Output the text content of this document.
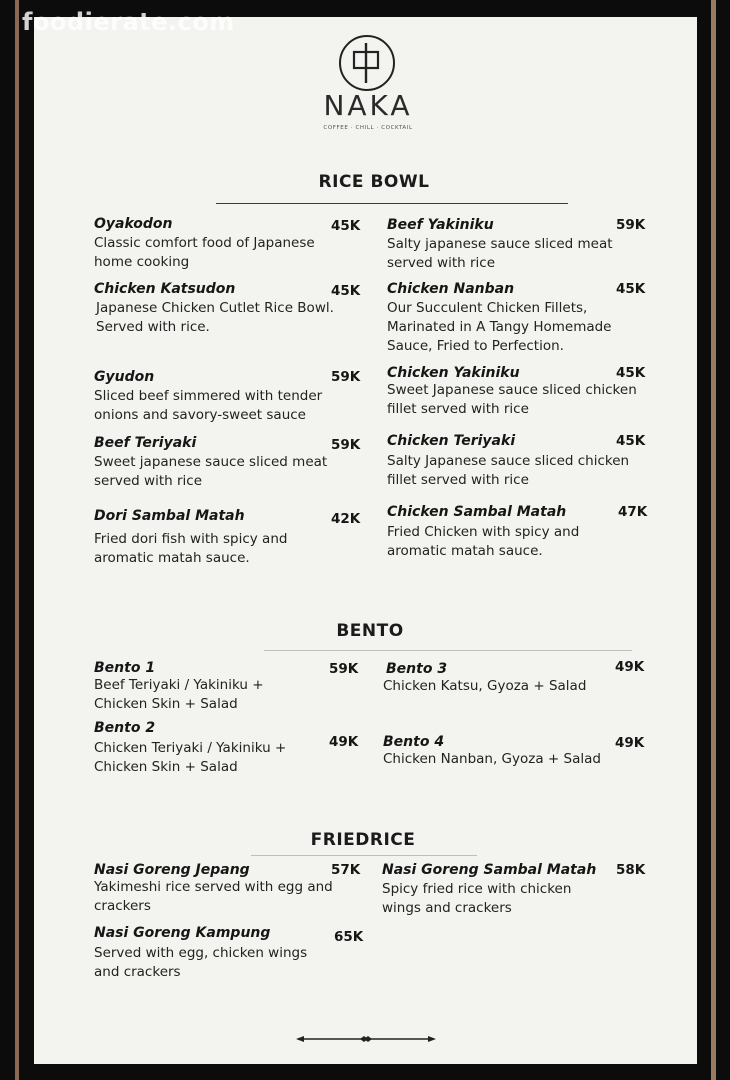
foodierate.com
NAKA
COFFEE · CHILL · COCKTAIL
RICE BOWL
Oyakodon	45K
Classic comfort food of Japanese
home cooking
Chicken Katsudon	45K
Japanese Chicken Cutlet Rice Bowl.
Served with rice.
Gyudon	59K
Sliced beef simmered with tender
onions and savory-sweet sauce
Beef Teriyaki	59K
Sweet japanese sauce sliced meat
served with rice
Dori Sambal Matah	42K
Fried dori fish with spicy and
aromatic matah sauce.
Beef Yakiniku	59K
Salty japanese sauce sliced meat
served with rice
Chicken Nanban	45K
Our Succulent Chicken Fillets,
Marinated in A Tangy Homemade
Sauce, Fried to Perfection.
Chicken Yakiniku	45K
Sweet Japanese sauce sliced chicken
fillet served with rice
Chicken Teriyaki	45K
Salty Japanese sauce sliced chicken
fillet served with rice
Chicken Sambal Matah	47K
Fried Chicken with spicy and
aromatic matah sauce.
BENTO
Bento 1	59K
Beef Teriyaki / Yakiniku +
Chicken Skin + Salad
Bento 2
49K
Chicken Teriyaki / Yakiniku +
Chicken Skin + Salad
Bento 3	49K
Chicken Katsu, Gyoza + Salad
Bento 4	49K
Chicken Nanban, Gyoza + Salad
FRIEDRICE
Nasi Goreng Jepang	57K
Yakimeshi rice served with egg and
crackers
Nasi Goreng Kampung	65K
Served with egg, chicken wings
and crackers
Nasi Goreng Sambal Matah	58K
Spicy fried rice with chicken
wings and crackers
